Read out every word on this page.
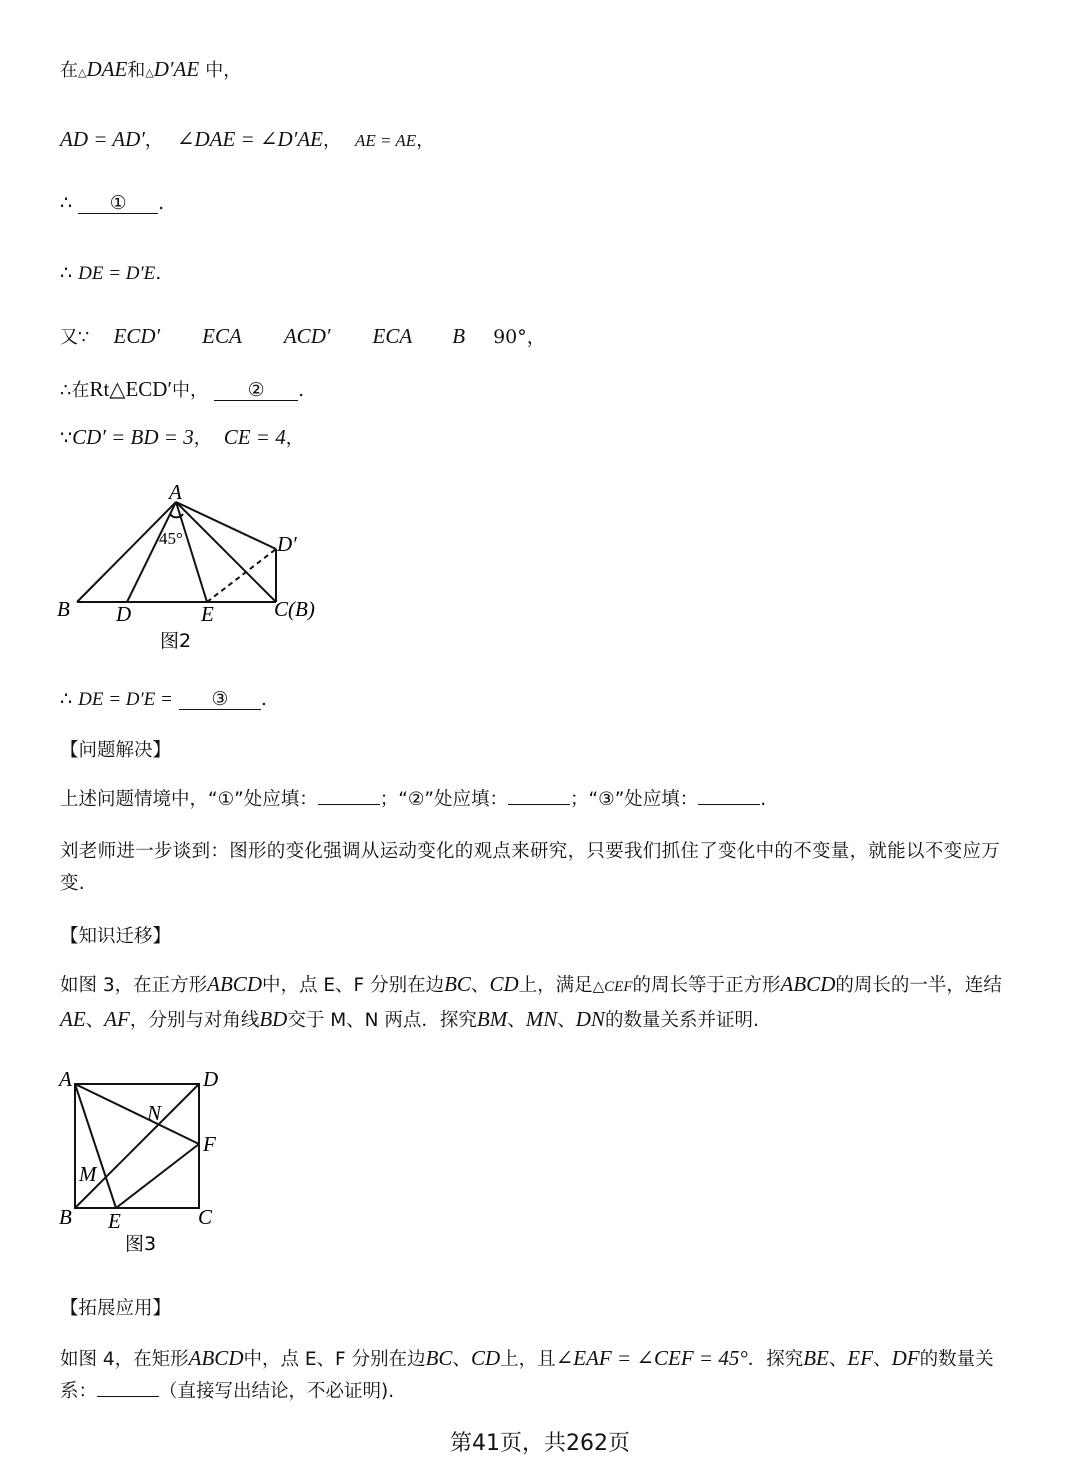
在△DAE和△D′AE 中，
AD = AD′， ∠DAE = ∠D′AE， AE = AE，
∴ ① .
∴ DE = D′E.
又∵ ECD′ ECA ACD′ ECA B 90°，
∴在Rt△ECD′中， ② .
∵CD′ = BD = 3， CE = 4，
A
B D	E	C(B)
D′
45°
图2
∴ DE = D′E = ③ .
【问题解决】
上述问题情境中，“①”处应填：	；“②”处应填：	；“③”处应填：	.
刘老师进一步谈到：图形的变化强调从运动变化的观点来研究，只要我们抓住了变化中的不变量，就能以不变应万变.
【知识迁移】
如图 3，在正方形ABCD中，点 E、F 分别在边BC、CD上，满足△CEF的周长等于正方形ABCD的周长的一半，连结AE、AF，分别与对角线BD交于 M、N 两点．探究BM、MN、DN的数量关系并证明.
A	D
B	C
E
F
M
N
图3
【拓展应用】
如图 4，在矩形ABCD中，点 E、F 分别在边BC、CD上，且∠EAF = ∠CEF = 45°．探究BE、EF、DF的数量关系：	（直接写出结论，不必证明).
第41页，共262页
